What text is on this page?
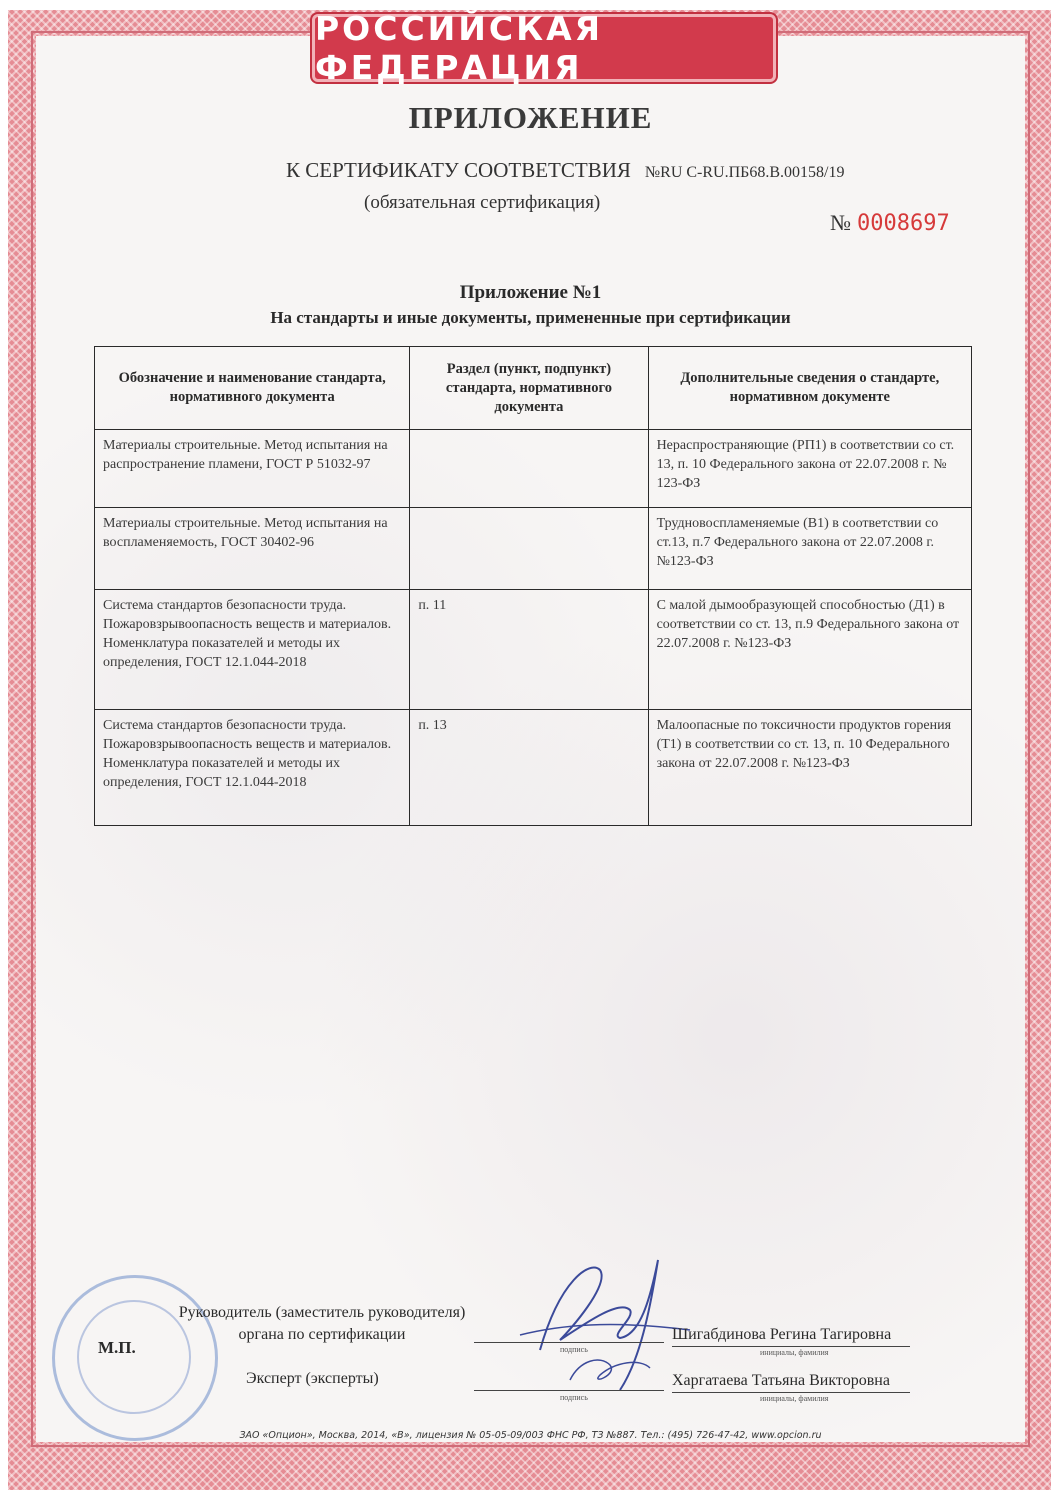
РОССИЙСКАЯ ФЕДЕРАЦИЯ
ПРИЛОЖЕНИЕ
К СЕРТИФИКАТУ СООТВЕТСТВИЯ №RU C-RU.ПБ68.В.00158/19
(обязательная сертификация)
№ 0008697
Приложение №1
На стандарты и иные документы, примененные при сертификации
Обозначение и наименование стандарта, нормативного документа	Раздел (пункт, подпункт) стандарта, нормативного документа	Дополнительные сведения о стандарте, нормативном документе
Материалы строительные. Метод испытания на распространение пламени, ГОСТ Р 51032-97		Нераспространяющие (РП1) в соответствии со ст. 13, п. 10 Федерального закона от 22.07.2008 г. № 123-ФЗ
Материалы строительные. Метод испытания на воспламеняемость, ГОСТ 30402-96		Трудновоспламеняемые (В1) в соответствии со ст.13, п.7 Федерального закона от 22.07.2008 г. №123-ФЗ
Система стандартов безопасности труда. Пожаровзрывоопасность веществ и материалов. Номенклатура показателей и методы их определения, ГОСТ 12.1.044-2018	п. 11	С малой дымообразующей способностью (Д1) в соответствии со ст. 13, п.9 Федерального закона от 22.07.2008 г. №123-ФЗ
Система стандартов безопасности труда. Пожаровзрывоопасность веществ и материалов. Номенклатура показателей и методы их определения, ГОСТ 12.1.044-2018	п. 13	Малоопасные по токсичности продуктов горения (Т1) в соответствии со ст. 13, п. 10 Федерального закона от 22.07.2008 г. №123-ФЗ
М.П.
Руководитель (заместитель руководителя) органа по сертификации
Эксперт (эксперты)
подпись
подпись
Шигабдинова Регина Тагировна
инициалы, фамилия
Харгатаева Татьяна Викторовна
инициалы, фамилия
ЗАО «Опцион», Москва, 2014, «В», лицензия № 05-05-09/003 ФНС РФ, ТЗ №887. Тел.: (495) 726-47-42, www.opcion.ru
